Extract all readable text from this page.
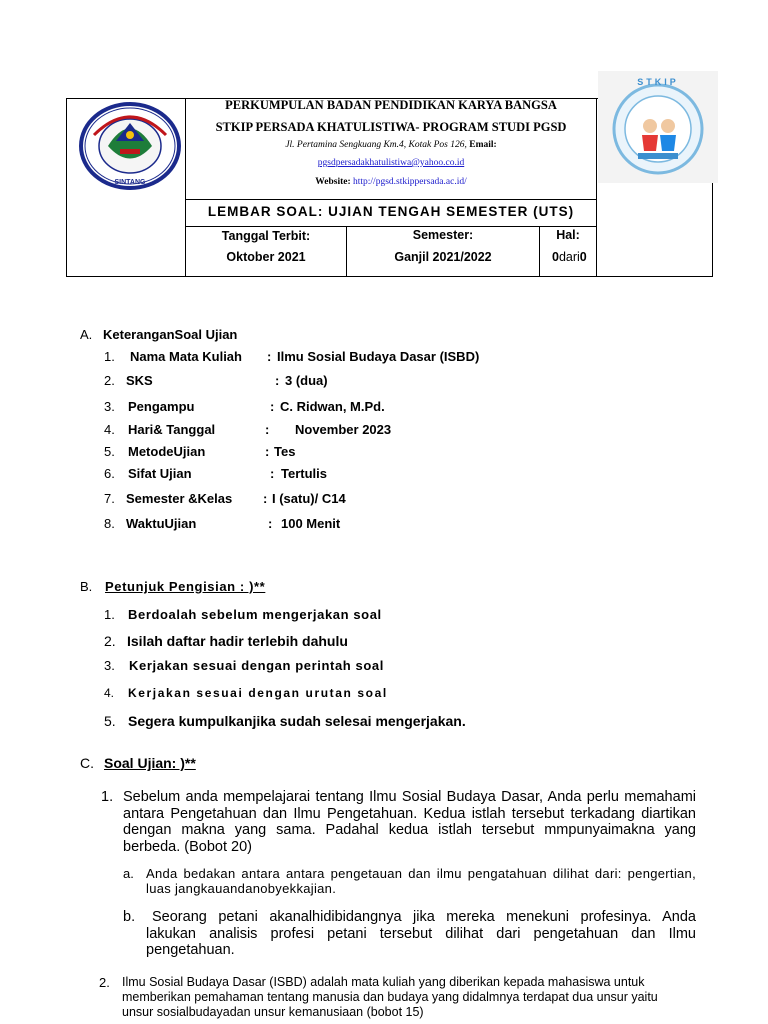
SINTANG
STKIP
PERKUMPULAN BADAN PENDIDIKAN KARYA BANGSA
STKIP PERSADA KHATULISTIWA- PROGRAM STUDI PGSD
Jl. Pertamina Sengkuang Km.4, Kotak Pos 126, Email:
pgsdpersadakhatulistiwa@yahoo.co.id
Website: http://pgsd.stkippersada.ac.id/
LEMBAR SOAL: UJIAN TENGAH SEMESTER (UTS)
Tanggal Terbit:
Oktober 2021
Semester:
Ganjil 2021/2022
Hal:
0dari0
A. KeteranganSoal Ujian
1. Nama Mata Kuliah : Ilmu Sosial Budaya Dasar (ISBD)
2. SKS	: 3 (dua)
3. Pengampu	: C. Ridwan, M.Pd.
4. Hari& Tanggal	: November 2023
5. MetodeUjian	: Tes
6. Sifat Ujian	: Tertulis
7. Semester &Kelas : I (satu)/ C14
8. WaktuUjian	: 100 Menit
B. Petunjuk Pengisian : )**
1. Berdoalah sebelum mengerjakan soal
2. Isilah daftar hadir terlebih dahulu
3. Kerjakan sesuai dengan perintah soal
4. Kerjakan sesuai dengan urutan soal
5. Segera kumpulkanjika sudah selesai mengerjakan.
C. Soal Ujian: )**
1. Sebelum anda mempelajarai tentang Ilmu Sosial Budaya Dasar, Anda perlu memahami antara Pengetahuan dan Ilmu Pengetahuan. Kedua istlah tersebut terkadang diartikan dengan makna yang sama. Padahal kedua istlah tersebut mmpunyaimakna yang berbeda. (Bobot 20)
a. Anda bedakan antara antara pengetauan dan ilmu pengatahuan dilihat dari: pengertian, luas jangkauandanobyekkajian.
b.	Seorang petani akanalhidibidangnya jika mereka menekuni profesinya. Anda lakukan analisis profesi petani tersebut dilihat dari pengetahuan dan Ilmu pengetahuan.
2. Ilmu Sosial Budaya Dasar (ISBD) adalah mata kuliah yang diberikan kepada mahasiswa untuk memberikan pemahaman tentang manusia dan budaya yang didalmnya terdapat dua unsur yaitu unsur sosialbudayadan unsur kemanusiaan (bobot 15)
